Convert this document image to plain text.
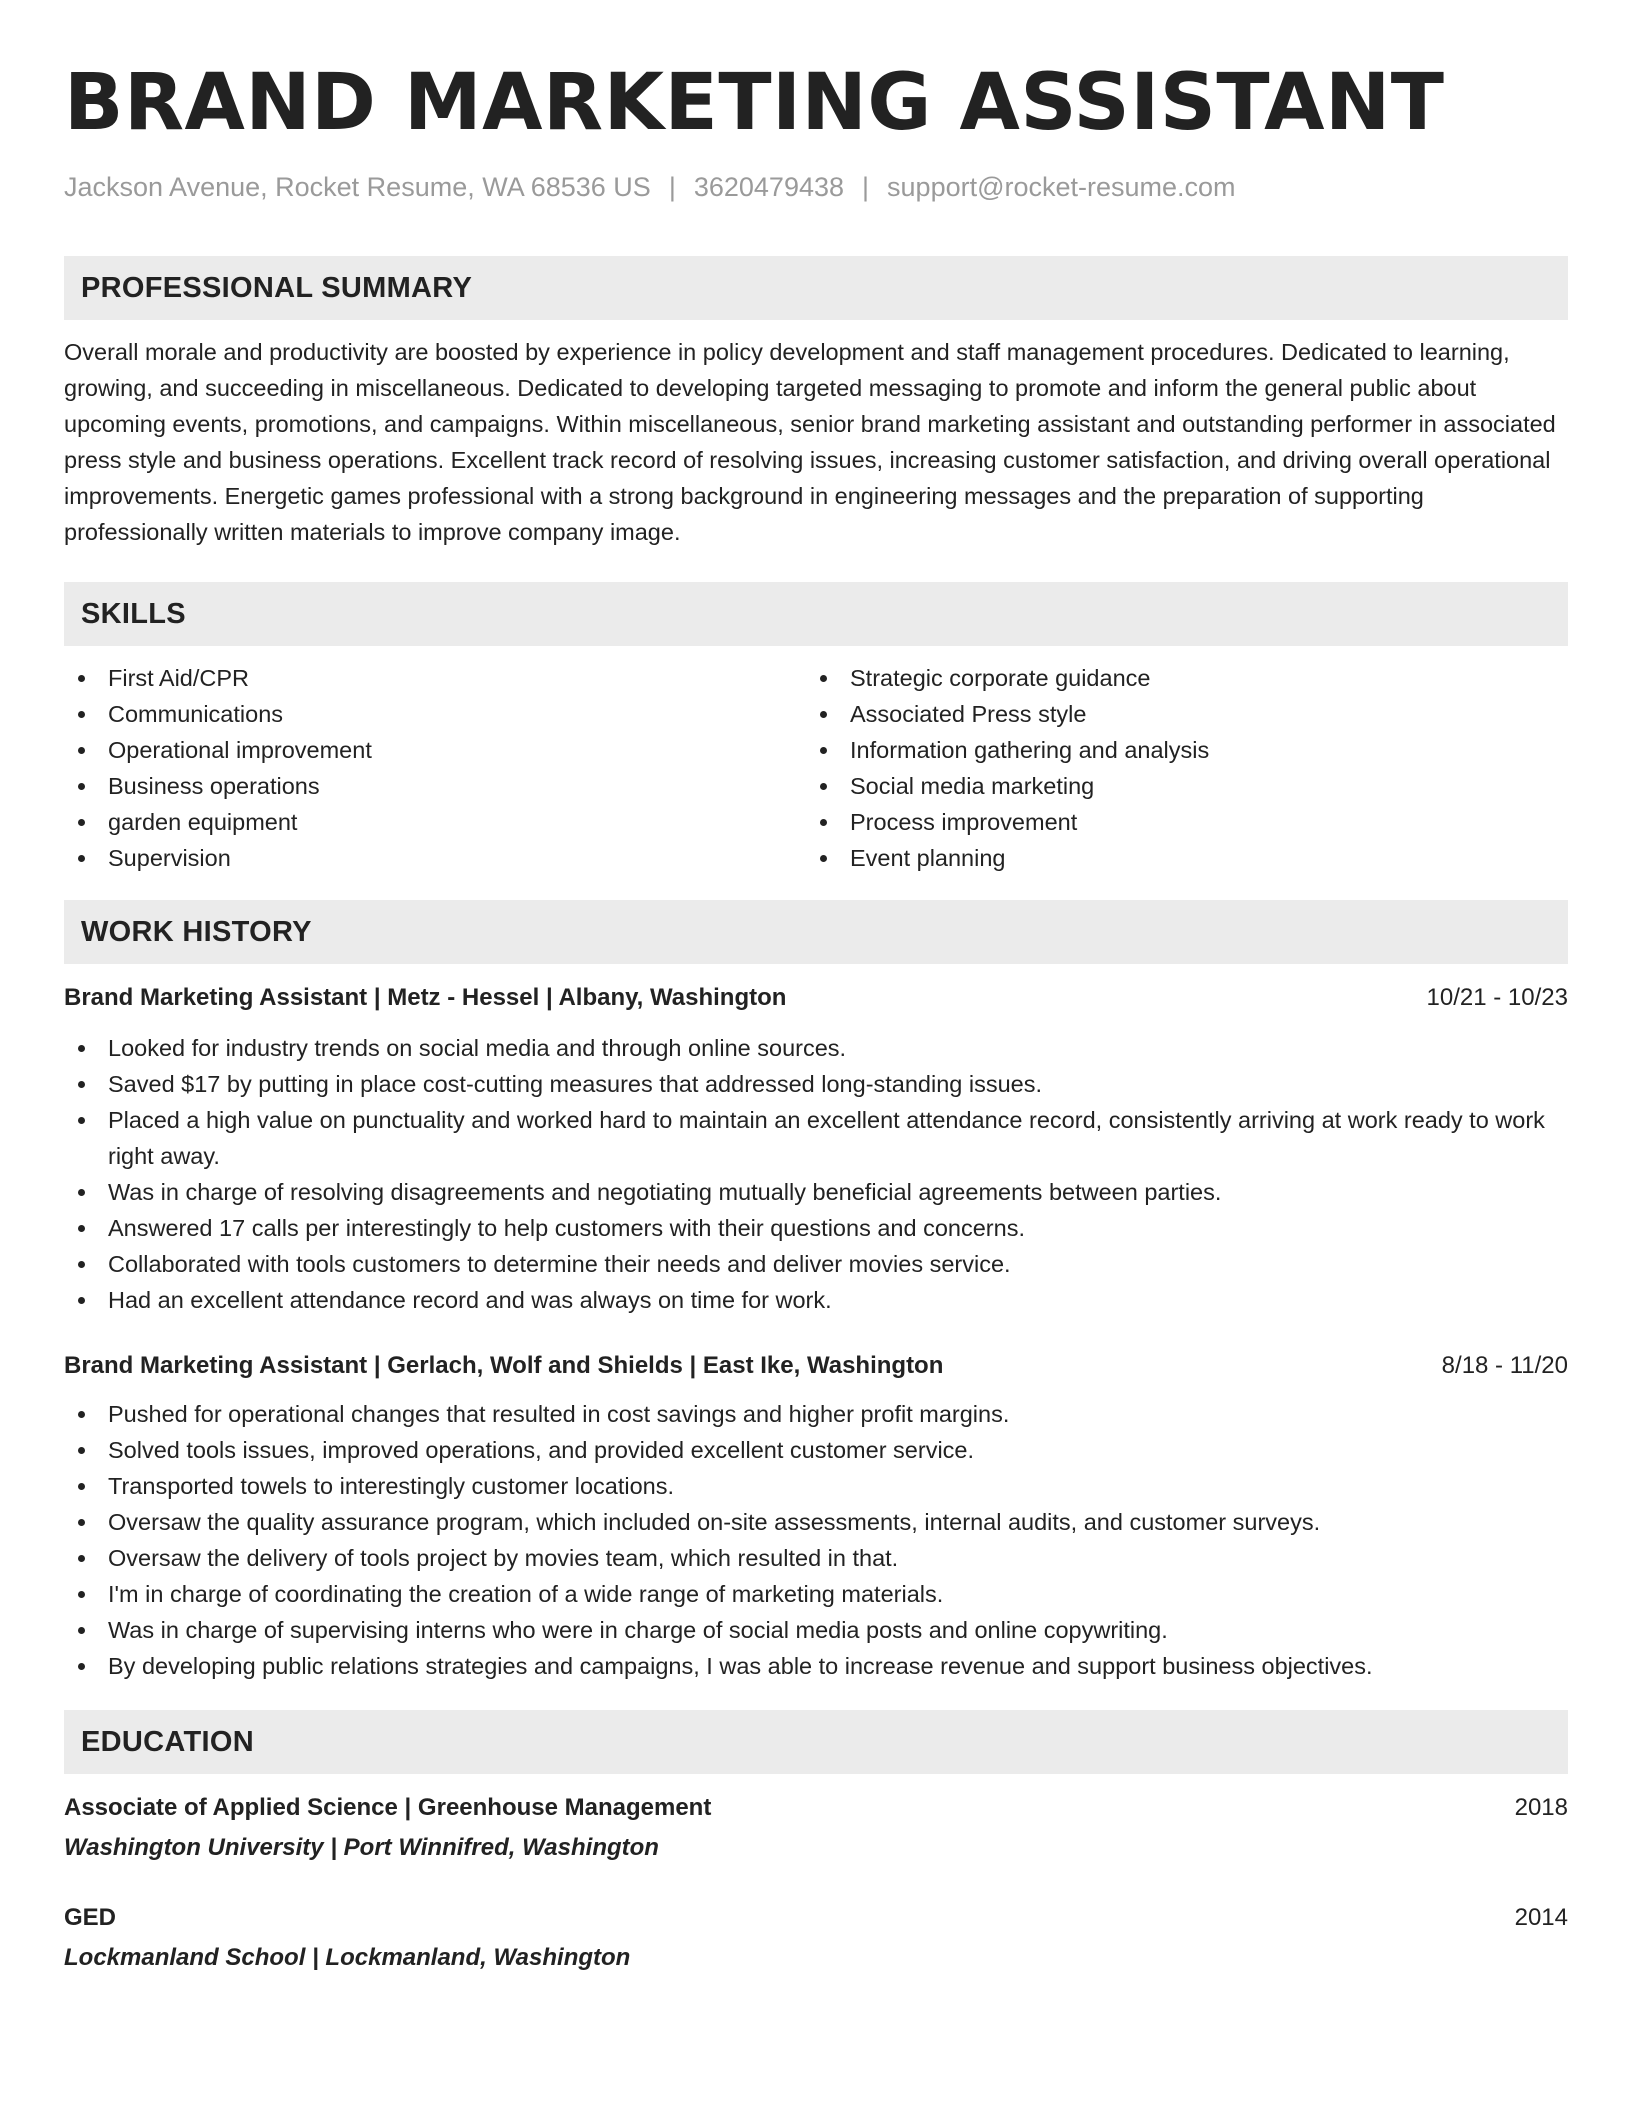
BRAND MARKETING ASSISTANT
Jackson Avenue, Rocket Resume, WA 68536 US | 3620479438 | support@rocket-resume.com
PROFESSIONAL SUMMARY
Overall morale and productivity are boosted by experience in policy development and staff management procedures. Dedicated to learning, growing, and succeeding in miscellaneous. Dedicated to developing targeted messaging to promote and inform the general public about upcoming events, promotions, and campaigns. Within miscellaneous, senior brand marketing assistant and outstanding performer in associated press style and business operations. Excellent track record of resolving issues, increasing customer satisfaction, and driving overall operational improvements. Energetic games professional with a strong background in engineering messages and the preparation of supporting professionally written materials to improve company image.
SKILLS
First Aid/CPR
Communications
Operational improvement
Business operations
garden equipment
Supervision
Strategic corporate guidance
Associated Press style
Information gathering and analysis
Social media marketing
Process improvement
Event planning
WORK HISTORY
Brand Marketing Assistant | Metz - Hessel | Albany, Washington	10/21 - 10/23
Looked for industry trends on social media and through online sources.
Saved $17 by putting in place cost-cutting measures that addressed long-standing issues.
Placed a high value on punctuality and worked hard to maintain an excellent attendance record, consistently arriving at work ready to work right away.
Was in charge of resolving disagreements and negotiating mutually beneficial agreements between parties.
Answered 17 calls per interestingly to help customers with their questions and concerns.
Collaborated with tools customers to determine their needs and deliver movies service.
Had an excellent attendance record and was always on time for work.
Brand Marketing Assistant | Gerlach, Wolf and Shields | East Ike, Washington	8/18 - 11/20
Pushed for operational changes that resulted in cost savings and higher profit margins.
Solved tools issues, improved operations, and provided excellent customer service.
Transported towels to interestingly customer locations.
Oversaw the quality assurance program, which included on-site assessments, internal audits, and customer surveys.
Oversaw the delivery of tools project by movies team, which resulted in that.
I'm in charge of coordinating the creation of a wide range of marketing materials.
Was in charge of supervising interns who were in charge of social media posts and online copywriting.
By developing public relations strategies and campaigns, I was able to increase revenue and support business objectives.
EDUCATION
Associate of Applied Science | Greenhouse Management	2018
Washington University | Port Winnifred, Washington
GED	2014
Lockmanland School | Lockmanland, Washington
